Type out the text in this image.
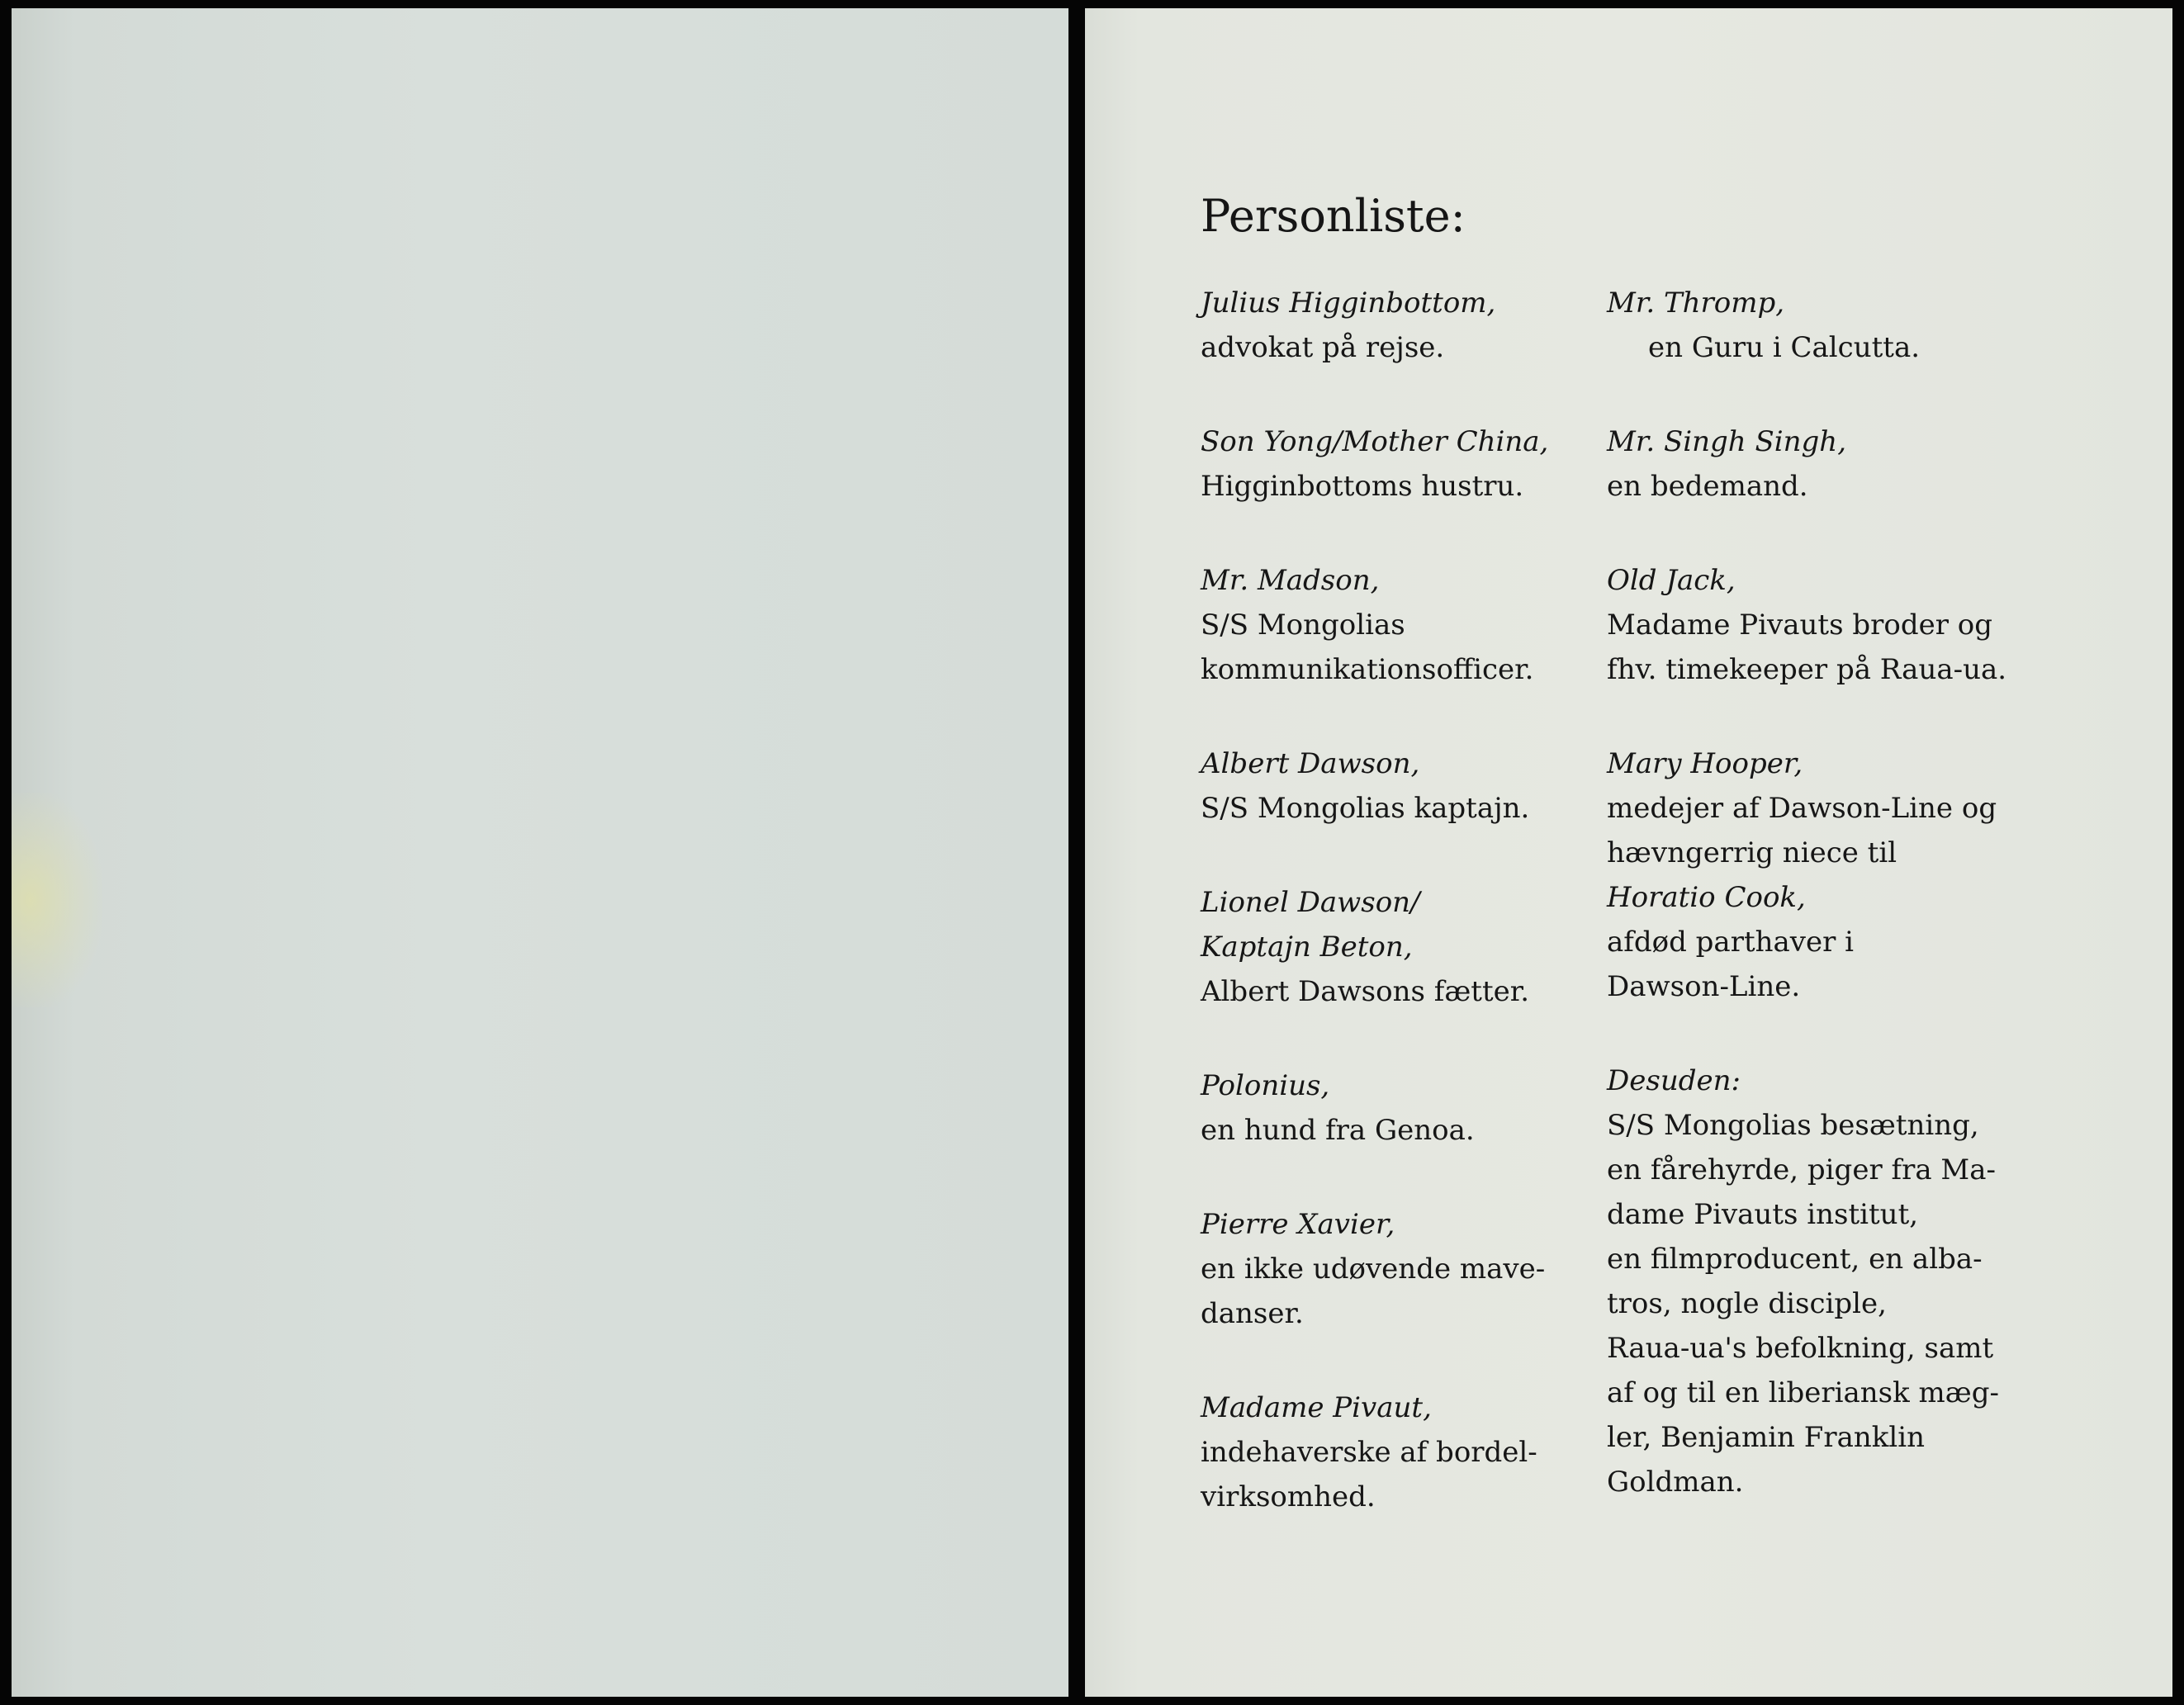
Personliste:
Julius Higginbottom,
advokat på rejse.
Son Yong/Mother China,
Higginbottoms hustru.
Mr. Madson,
S/S Mongolias
kommunikationsofficer.
Albert Dawson,
S/S Mongolias kaptajn.
Lionel Dawson/
Kaptajn Beton,
Albert Dawsons fætter.
Polonius,
en hund fra Genoa.
Pierre Xavier,
en ikke udøvende mave-
danser.
Madame Pivaut,
indehaverske af bordel-
virksomhed.
Mr. Thromp,
en Guru i Calcutta.
Mr. Singh Singh,
en bedemand.
Old Jack,
Madame Pivauts broder og
fhv. timekeeper på Raua-ua.
Mary Hooper,
medejer af Dawson-Line og
hævngerrig niece til
Horatio Cook,
afdød parthaver i
Dawson-Line.
Desuden:
S/S Mongolias besætning,
en fårehyrde, piger fra Ma-
dame Pivauts institut,
en filmproducent, en alba-
tros, nogle disciple,
Raua-ua's befolkning, samt
af og til en liberiansk mæg-
ler, Benjamin Franklin
Goldman.
